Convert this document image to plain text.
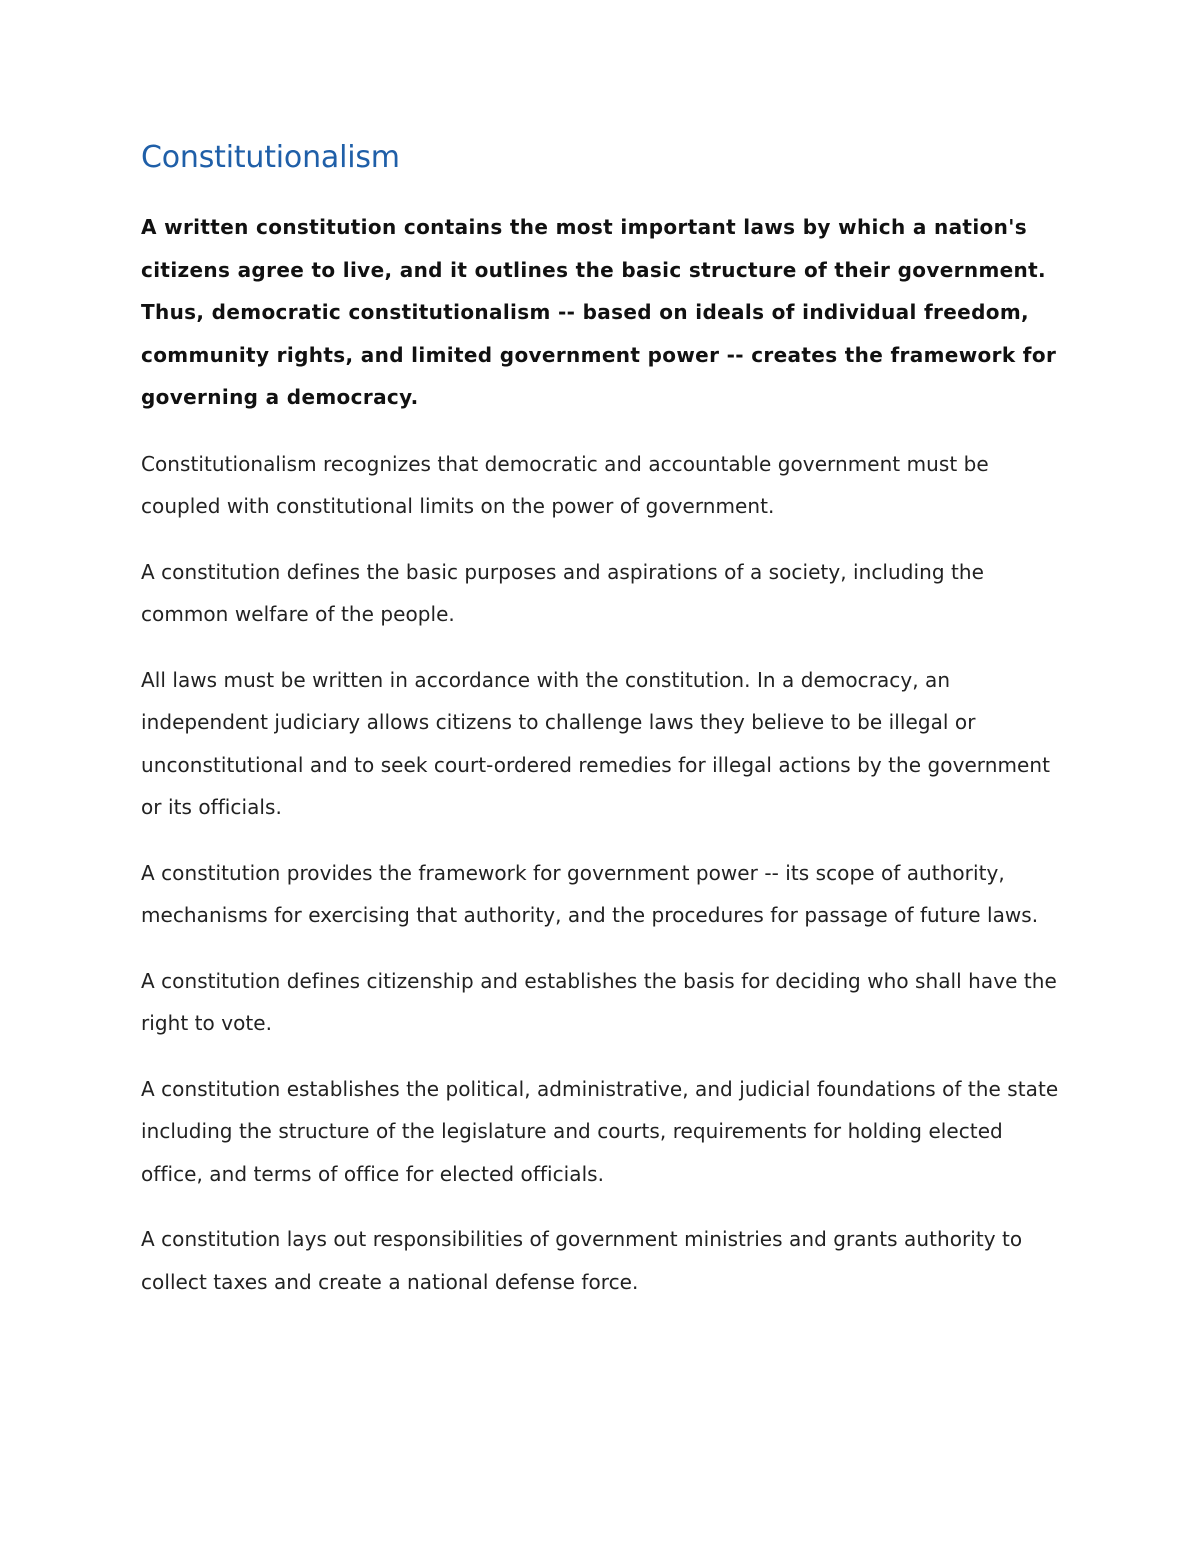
Constitutionalism

A written constitution contains the most important laws by which a nation's citizens agree to live, and it outlines the basic structure of their government. Thus, democratic constitutionalism -- based on ideals of individual freedom, community rights, and limited government power -- creates the framework for governing a democracy.

Constitutionalism recognizes that democratic and accountable government must be coupled with constitutional limits on the power of government.

A constitution defines the basic purposes and aspirations of a society, including the common welfare of the people.

All laws must be written in accordance with the constitution. In a democracy, an independent judiciary allows citizens to challenge laws they believe to be illegal or unconstitutional and to seek court-ordered remedies for illegal actions by the government or its officials.

A constitution provides the framework for government power -- its scope of authority, mechanisms for exercising that authority, and the procedures for passage of future laws.

A constitution defines citizenship and establishes the basis for deciding who shall have the right to vote.

A constitution establishes the political, administrative, and judicial foundations of the state including the structure of the legislature and courts, requirements for holding elected office, and terms of office for elected officials.

A constitution lays out responsibilities of government ministries and grants authority to collect taxes and create a national defense force.
